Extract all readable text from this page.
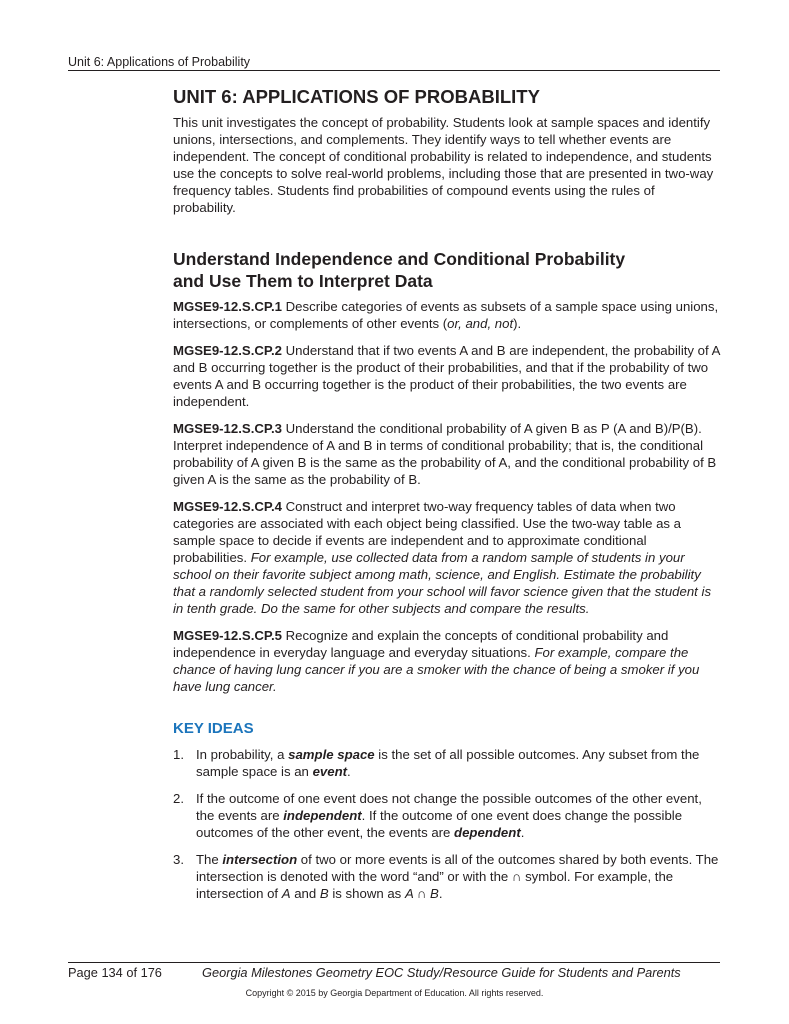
Unit 6: Applications of Probability
UNIT 6: APPLICATIONS OF PROBABILITY

This unit investigates the concept of probability. Students look at sample spaces and identify unions, intersections, and complements. They identify ways to tell whether events are independent. The concept of conditional probability is related to independence, and students use the concepts to solve real-world problems, including those that are presented in two-way frequency tables. Students find probabilities of compound events using the rules of probability.

Understand Independence and Conditional Probability
and Use Them to Interpret Data

MGSE9-12.S.CP.1 Describe categories of events as subsets of a sample space using unions, intersections, or complements of other events (or, and, not).

MGSE9-12.S.CP.2 Understand that if two events A and B are independent, the probability of A and B occurring together is the product of their probabilities, and that if the probability of two events A and B occurring together is the product of their probabilities, the two events are independent.

MGSE9-12.S.CP.3 Understand the conditional probability of A given B as P (A and B)/P(B). Interpret independence of A and B in terms of conditional probability; that is, the conditional probability of A given B is the same as the probability of A, and the conditional probability of B given A is the same as the probability of B.

MGSE9-12.S.CP.4 Construct and interpret two-way frequency tables of data when two categories are associated with each object being classified. Use the two-way table as a sample space to decide if events are independent and to approximate conditional probabilities. For example, use collected data from a random sample of students in your school on their favorite subject among math, science, and English. Estimate the probability that a randomly selected student from your school will favor science given that the student is in tenth grade. Do the same for other subjects and compare the results.

MGSE9-12.S.CP.5 Recognize and explain the concepts of conditional probability and independence in everyday language and everyday situations. For example, compare the chance of having lung cancer if you are a smoker with the chance of being a smoker if you have lung cancer.

KEY IDEAS
1. In probability, a sample space is the set of all possible outcomes. Any subset from the sample space is an event.
2. If the outcome of one event does not change the possible outcomes of the other event, the events are independent. If the outcome of one event does change the possible outcomes of the other event, the events are dependent.
3. The intersection of two or more events is all of the outcomes shared by both events. The intersection is denoted with the word “and” or with the ∩ symbol. For example, the intersection of A and B is shown as A ∩ B.
Page 134 of 176	Georgia Milestones Geometry EOC Study/Resource Guide for Students and Parents
Copyright © 2015 by Georgia Department of Education. All rights reserved.
